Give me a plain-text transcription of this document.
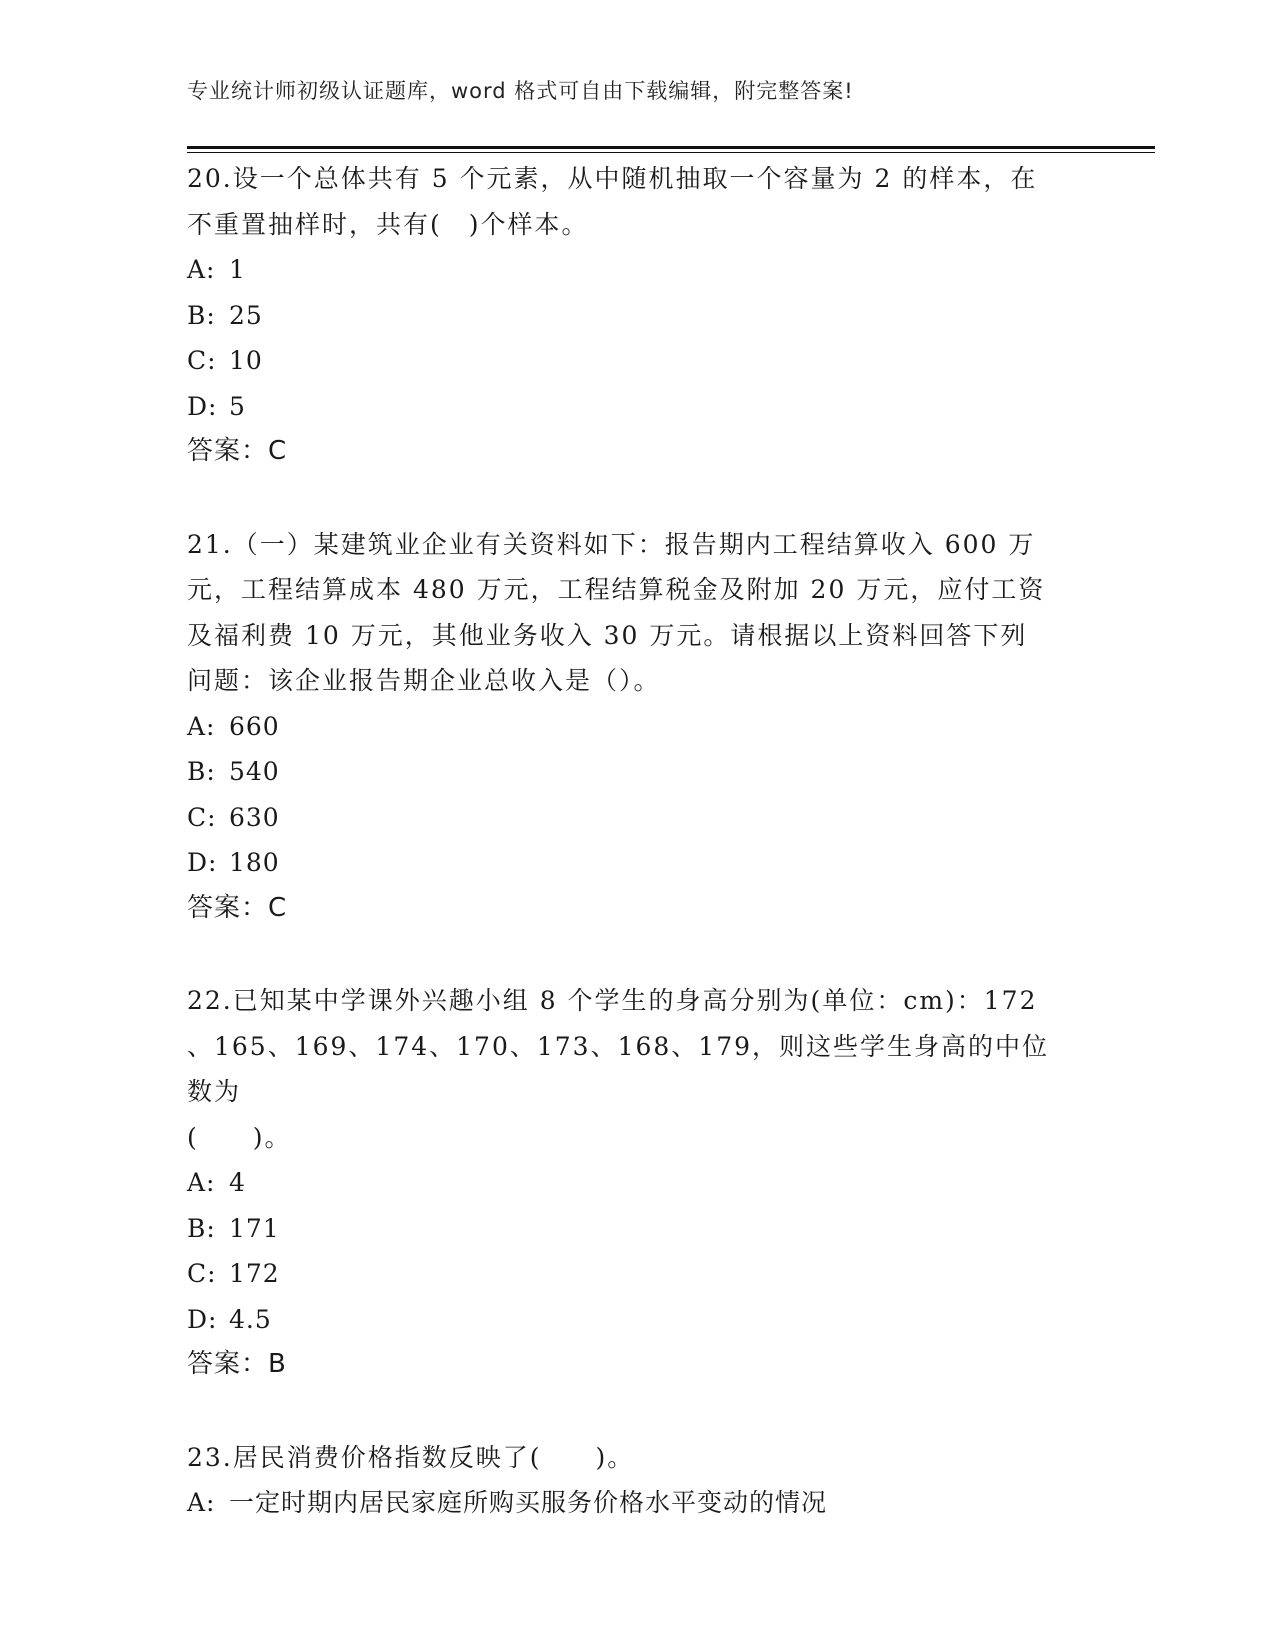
专业统计师初级认证题库，word 格式可自由下载编辑，附完整答案!

20.设一个总体共有 5 个元素，从中随机抽取一个容量为 2 的样本，在

不重置抽样时，共有(　)个样本。

A: 1

B: 25

C: 10

D: 5

答案：C

21.（一）某建筑业企业有关资料如下：报告期内工程结算收入 600 万

元，工程结算成本 480 万元，工程结算税金及附加 20 万元，应付工资

及福利费 10 万元，其他业务收入 30 万元。请根据以上资料回答下列

问题：该企业报告期企业总收入是（）。

A: 660

B: 540

C: 630

D: 180

答案：C

22.已知某中学课外兴趣小组 8 个学生的身高分别为(单位：cm)：172

、165、169、174、170、173、168、179，则这些学生身高的中位数为

(　　)。

A: 4

B: 171

C: 172

D: 4.5

答案：B

23.居民消费价格指数反映了(　　)。

A: 一定时期内居民家庭所购买服务价格水平变动的情况
